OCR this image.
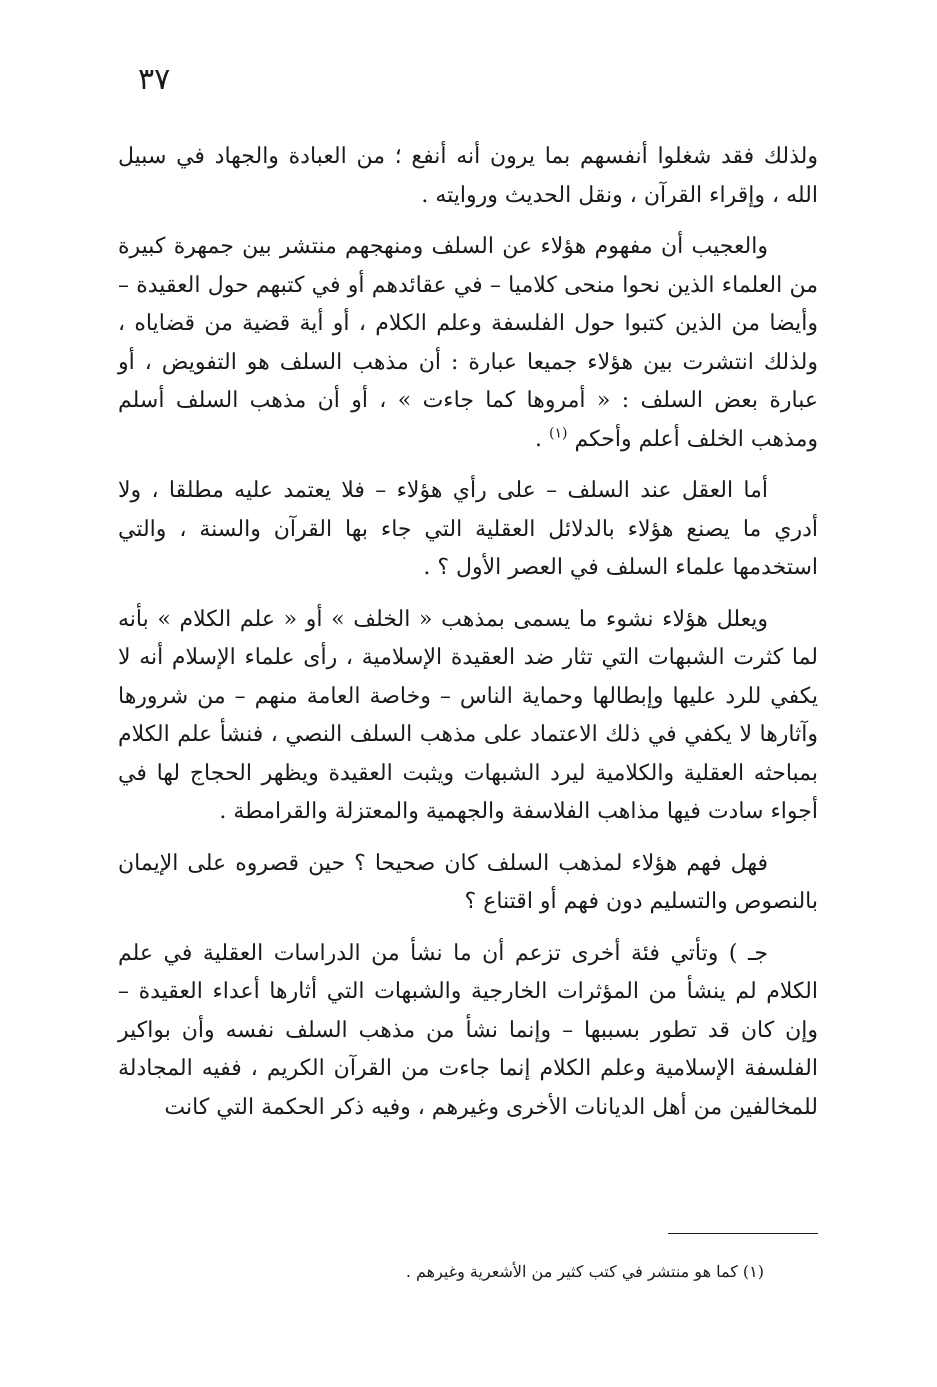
٣٧

ولذلك فقد شغلوا أنفسهم بما يرون أنه أنفع ؛ من العبادة والجهاد في سبيل الله ، وإقراء القرآن ، ونقل الحديث وروايته .

والعجيب أن مفهوم هؤلاء عن السلف ومنهجهم منتشر بين جمهرة كبيرة من العلماء الذين نحوا منحى كلاميا – في عقائدهم أو في كتبهم حول العقيدة – وأيضا من الذين كتبوا حول الفلسفة وعلم الكلام ، أو أية قضية من قضاياه ، ولذلك انتشرت بين هؤلاء جميعا عبارة : أن مذهب السلف هو التفويض ، أو عبارة بعض السلف : « أمروها كما جاءت » ، أو أن مذهب السلف أسلم ومذهب الخلف أعلم وأحكم $^{(١)}$ .

أما العقل عند السلف – على رأي هؤلاء – فلا يعتمد عليه مطلقا ، ولا أدري ما يصنع هؤلاء بالدلائل العقلية التي جاء بها القرآن والسنة ، والتي استخدمها علماء السلف في العصر الأول ؟ .

ويعلل هؤلاء نشوء ما يسمى بمذهب « الخلف » أو « علم الكلام » بأنه لما كثرت الشبهات التي تثار ضد العقيدة الإسلامية ، رأى علماء الإسلام أنه لا يكفي للرد عليها وإبطالها وحماية الناس – وخاصة العامة منهم – من شرورها وآثارها لا يكفي في ذلك الاعتماد على مذهب السلف النصي ، فنشأ علم الكلام بمباحثه العقلية والكلامية ليرد الشبهات ويثبت العقيدة ويظهر الحجاج لها في أجواء سادت فيها مذاهب الفلاسفة والجهمية والمعتزلة والقرامطة .

فهل فهم هؤلاء لمذهب السلف كان صحيحا ؟ حين قصروه على الإيمان بالنصوص والتسليم دون فهم أو اقتناع ؟

جـ ) وتأتي فئة أخرى تزعم أن ما نشأ من الدراسات العقلية في علم الكلام لم ينشأ من المؤثرات الخارجية والشبهات التي أثارها أعداء العقيدة – وإن كان قد تطور بسببها – وإنما نشأ من مذهب السلف نفسه وأن بواكير الفلسفة الإسلامية وعلم الكلام إنما جاءت من القرآن الكريم ، ففيه المجادلة للمخالفين من أهل الديانات الأخرى وغيرهم ، وفيه ذكر الحكمة التي كانت

(١) كما هو منتشر في كتب كثير من الأشعرية وغيرهم .
